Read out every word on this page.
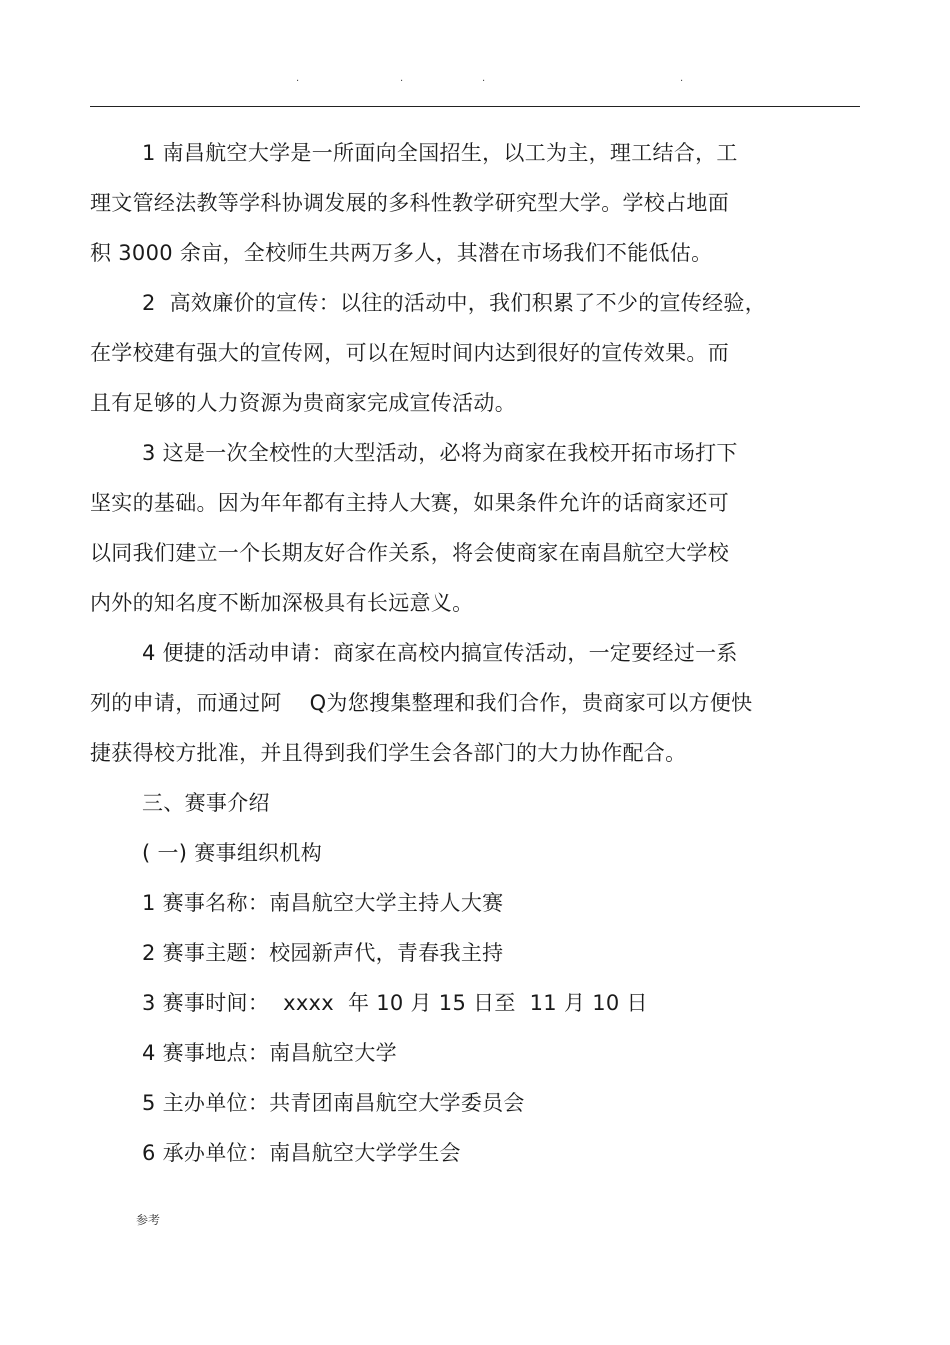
.	.	.	.
1 南昌航空大学是一所面向全国招生，以工为主，理工结合，工
理文管经法教等学科协调发展的多科性教学研究型大学。学校占地面
积 3000 余亩，全校师生共两万多人，其潜在市场我们不能低估。
2  高效廉价的宣传：以往的活动中，我们积累了不少的宣传经验，
在学校建有强大的宣传网，可以在短时间内达到很好的宣传效果。而
且有足够的人力资源为贵商家完成宣传活动。
3 这是一次全校性的大型活动，必将为商家在我校开拓市场打下
坚实的基础。因为年年都有主持人大赛，如果条件允许的话商家还可
以同我们建立一个长期友好合作关系，将会使商家在南昌航空大学校
内外的知名度不断加深极具有长远意义。
4 便捷的活动申请：商家在高校内搞宣传活动，一定要经过一系
列的申请，而通过阿    Q为您搜集整理和我们合作，贵商家可以方便快
捷获得校方批准，并且得到我们学生会各部门的大力协作配合。
三、赛事介绍
( 一) 赛事组织机构
1 赛事名称：南昌航空大学主持人大赛
2 赛事主题：校园新声代，青春我主持
3 赛事时间：  xxxx  年 10 月 15 日至  11 月 10 日
4 赛事地点：南昌航空大学
5 主办单位：共青团南昌航空大学委员会
6 承办单位：南昌航空大学学生会
参考
